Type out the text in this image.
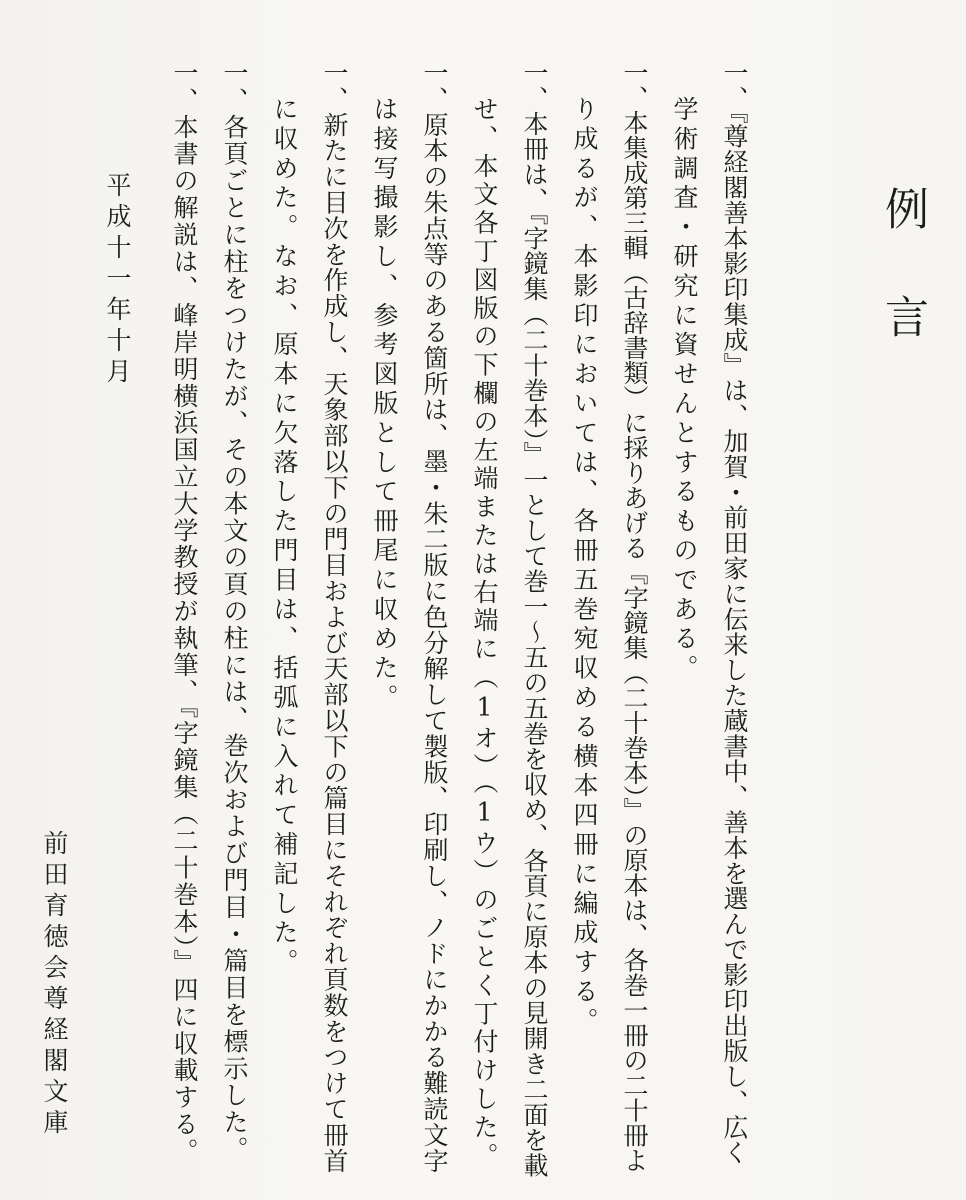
例言
一、『尊経閣善本影印集成』は、加賀・前田家に伝来した蔵書中、善本を選んで影印出版し、広く
学術調査・研究に資せんとするものである。
一、本集成第三輯（古辞書類）に採りあげる『字鏡集（二十巻本）』の原本は、各巻一冊の二十冊よ
り成るが、本影印においては、各冊五巻宛収める横本四冊に編成する。
一、本冊は、『字鏡集（二十巻本）』一として巻一～五の五巻を収め、各頁に原本の見開き二面を載
せ、本文各丁図版の下欄の左端または右端に（1オ）（1ウ）のごとく丁付けした。
一、原本の朱点等のある箇所は、墨・朱二版に色分解して製版、印刷し、ノドにかかる難読文字
は接写撮影し、参考図版として冊尾に収めた。
一、新たに目次を作成し、天象部以下の門目および天部以下の篇目にそれぞれ頁数をつけて冊首
に収めた。なお、原本に欠落した門目は、括弧に入れて補記した。
一、各頁ごとに柱をつけたが、その本文の頁の柱には、巻次および門目・篇目を標示した。
一、本書の解説は、峰岸明横浜国立大学教授が執筆、『字鏡集（二十巻本）』四に収載する。
平成十一年十月
前田育徳会尊経閣文庫
